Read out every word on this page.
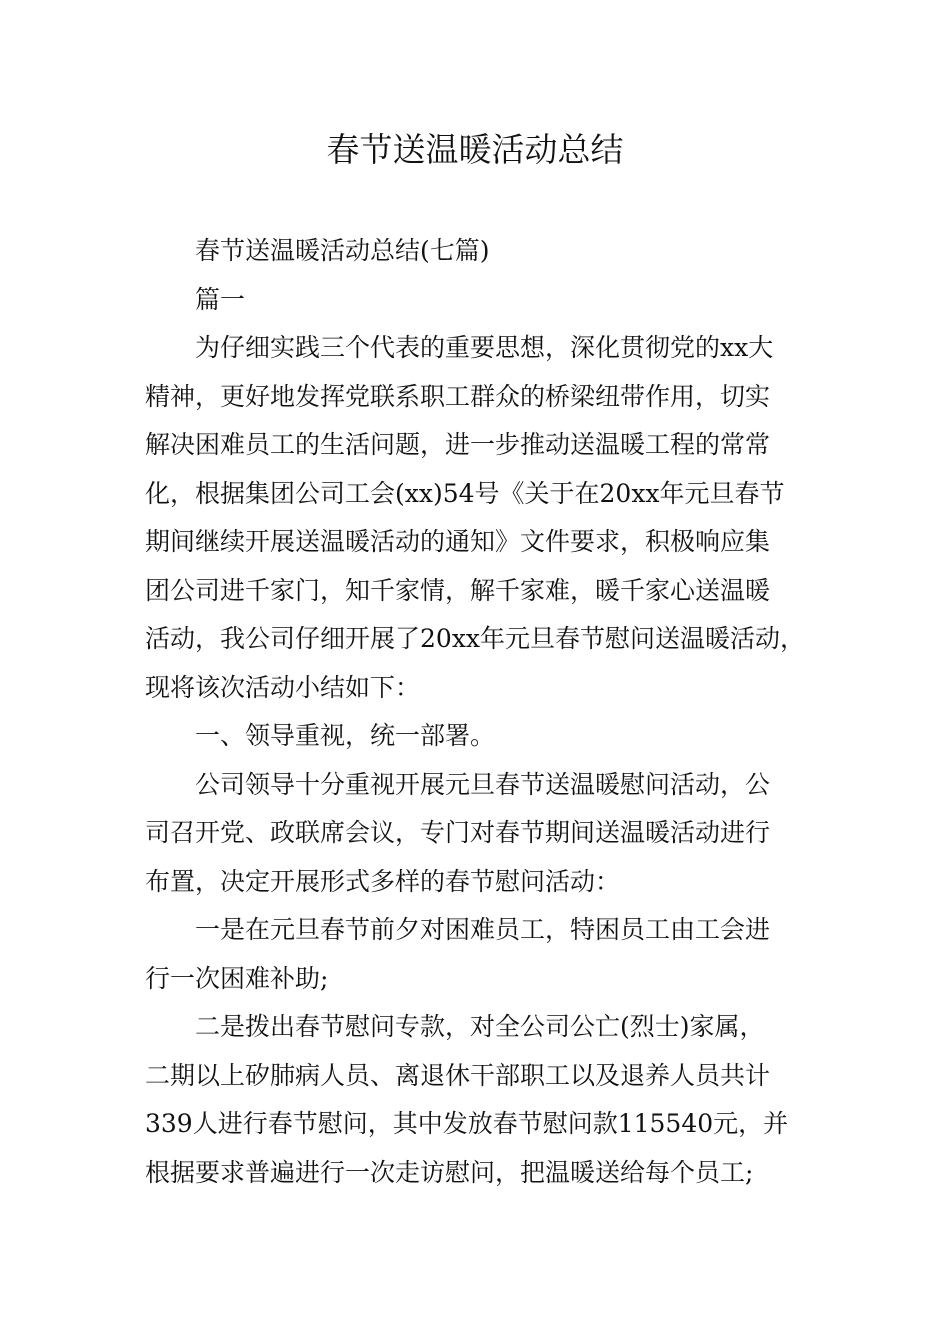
春节送温暖活动总结

春节送温暖活动总结(七篇)

篇一

为仔细实践三个代表的重要思想，深化贯彻党的xx大
精神，更好地发挥党联系职工群众的桥梁纽带作用，切实
解决困难员工的生活问题，进一步推动送温暖工程的常常
化，根据集团公司工会(xx)54号《关于在20xx年元旦春节
期间继续开展送温暖活动的通知》文件要求，积极响应集
团公司进千家门，知千家情，解千家难，暖千家心送温暖
活动，我公司仔细开展了20xx年元旦春节慰问送温暖活动，
现将该次活动小结如下：

一、领导重视，统一部署。

公司领导十分重视开展元旦春节送温暖慰问活动，公
司召开党、政联席会议，专门对春节期间送温暖活动进行
布置，决定开展形式多样的春节慰问活动：

一是在元旦春节前夕对困难员工，特困员工由工会进
行一次困难补助;

二是拨出春节慰问专款，对全公司公亡(烈士)家属，
二期以上矽肺病人员、离退休干部职工以及退养人员共计
339人进行春节慰问，其中发放春节慰问款115540元，并
根据要求普遍进行一次走访慰问，把温暖送给每个员工;
